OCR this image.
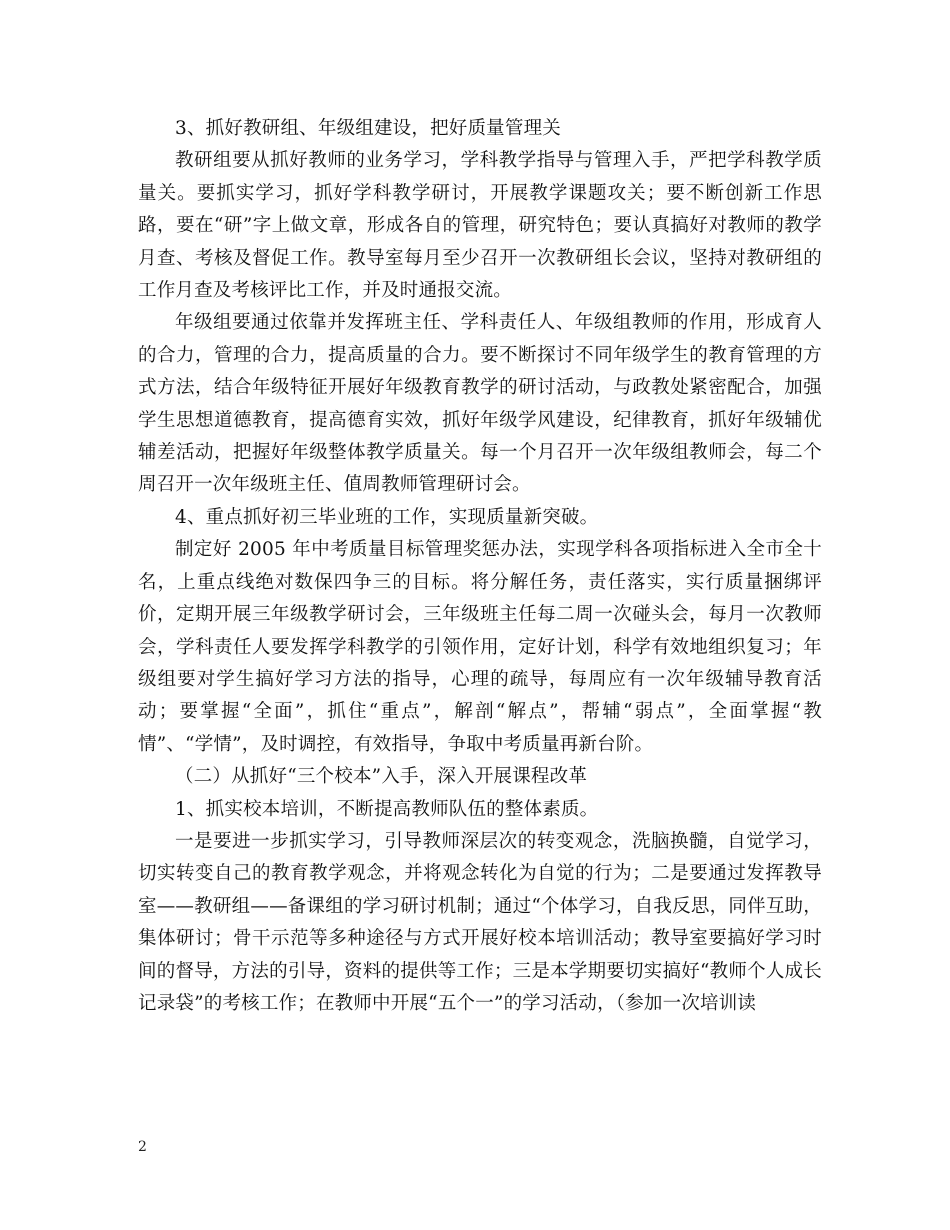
3、抓好教研组、年级组建设，把好质量管理关

教研组要从抓好教师的业务学习，学科教学指导与管理入手，严把学科教学质量关。要抓实学习，抓好学科教学研讨，开展教学课题攻关；要不断创新工作思路，要在“研”字上做文章，形成各自的管理，研究特色；要认真搞好对教师的教学月查、考核及督促工作。教导室每月至少召开一次教研组长会议，坚持对教研组的工作月查及考核评比工作，并及时通报交流。

年级组要通过依靠并发挥班主任、学科责任人、年级组教师的作用，形成育人的合力，管理的合力，提高质量的合力。要不断探讨不同年级学生的教育管理的方式方法，结合年级特征开展好年级教育教学的研讨活动，与政教处紧密配合，加强学生思想道德教育，提高德育实效，抓好年级学风建设，纪律教育，抓好年级辅优辅差活动，把握好年级整体教学质量关。每一个月召开一次年级组教师会，每二个周召开一次年级班主任、值周教师管理研讨会。

4、重点抓好初三毕业班的工作，实现质量新突破。

制定好 2005 年中考质量目标管理奖惩办法，实现学科各项指标进入全市全十名，上重点线绝对数保四争三的目标。将分解任务，责任落实，实行质量捆绑评价，定期开展三年级教学研讨会，三年级班主任每二周一次碰头会，每月一次教师会，学科责任人要发挥学科教学的引领作用，定好计划，科学有效地组织复习；年级组要对学生搞好学习方法的指导，心理的疏导，每周应有一次年级辅导教育活动；要掌握“全面”，抓住“重点”，解剖“解点”，帮辅“弱点”，全面掌握“教情”、“学情”，及时调控，有效指导，争取中考质量再新台阶。

（二）从抓好“三个校本”入手，深入开展课程改革

1、抓实校本培训，不断提高教师队伍的整体素质。

一是要进一步抓实学习，引导教师深层次的转变观念，洗脑换髓，自觉学习，切实转变自己的教育教学观念，并将观念转化为自觉的行为；二是要通过发挥教导室——教研组——备课组的学习研讨机制；通过“个体学习，自我反思，同伴互助，集体研讨；骨干示范等多种途径与方式开展好校本培训活动；教导室要搞好学习时间的督导，方法的引导，资料的提供等工作；三是本学期要切实搞好“教师个人成长记录袋”的考核工作；在教师中开展“五个一”的学习活动，（参加一次培训读

2
